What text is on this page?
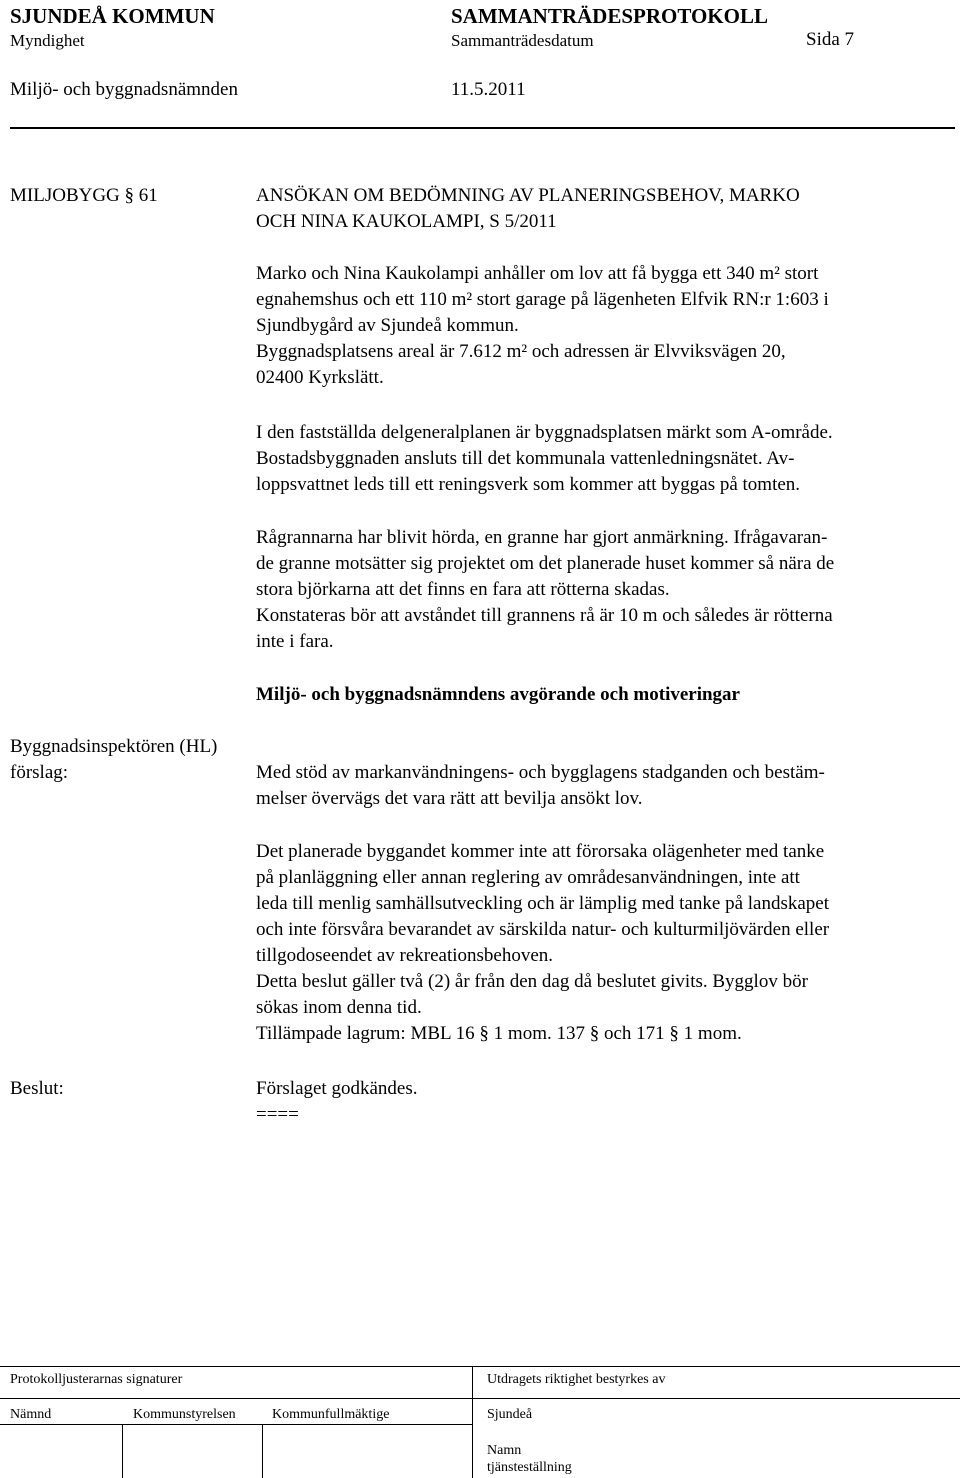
SJUNDEÅ KOMMUN	SAMMANTRÄDESPROTOKOLL
Myndighet	Sammanträdesdatum	Sida 7
Miljö- och byggnadsnämnden	11.5.2011
MILJOBYGG § 61	ANSÖKAN OM BEDÖMNING AV PLANERINGSBEHOV, MARKO
OCH NINA KAUKOLAMPI, S 5/2011

Marko och Nina Kaukolampi anhåller om lov att få bygga ett 340 m² stort

egnahemshus och ett 110 m² stort garage på lägenheten Elfvik RN:r 1:603 i

Sjundbygård av Sjundeå kommun.

Byggnadsplatsens areal är 7.612 m² och adressen är Elvviksvägen 20,

02400 Kyrkslätt.

I den fastställda delgeneralplanen är byggnadsplatsen märkt som A-område.

Bostadsbyggnaden ansluts till det kommunala vattenledningsnätet. Av-

loppsvattnet leds till ett reningsverk som kommer att byggas på tomten.

Rågrannarna har blivit hörda, en granne har gjort anmärkning. Ifrågavaran-

de granne motsätter sig projektet om det planerade huset kommer så nära de

stora björkarna att det finns en fara att rötterna skadas.

Konstateras bör att avståndet till grannens rå är 10 m och således är rötterna

inte i fara.

Miljö- och byggnadsnämndens avgörande och motiveringar
Byggnadsinspektören (HL)
förslag:	Med stöd av markanvändningens- och bygglagens stadganden och bestäm-

melser övervägs det vara rätt att bevilja ansökt lov.

Det planerade byggandet kommer inte att förorsaka olägenheter med tanke

på planläggning eller annan reglering av områdesanvändningen, inte att

leda till menlig samhällsutveckling och är lämplig med tanke på landskapet

och inte försvåra bevarandet av särskilda natur- och kulturmiljövärden eller

tillgodoseendet av rekreationsbehoven.

Detta beslut gäller två (2) år från den dag då beslutet givits. Bygglov bör

sökas inom denna tid.

Tillämpade lagrum: MBL 16 § 1 mom. 137 § och 171 § 1 mom.

Beslut:	Förslaget godkändes.
====
Protokolljusterarnas signaturer	Utdragets riktighet bestyrkes av
Nämnd	Kommunstyrelsen	Kommunfullmäktige	Sjundeå
Namn
tjänsteställning
